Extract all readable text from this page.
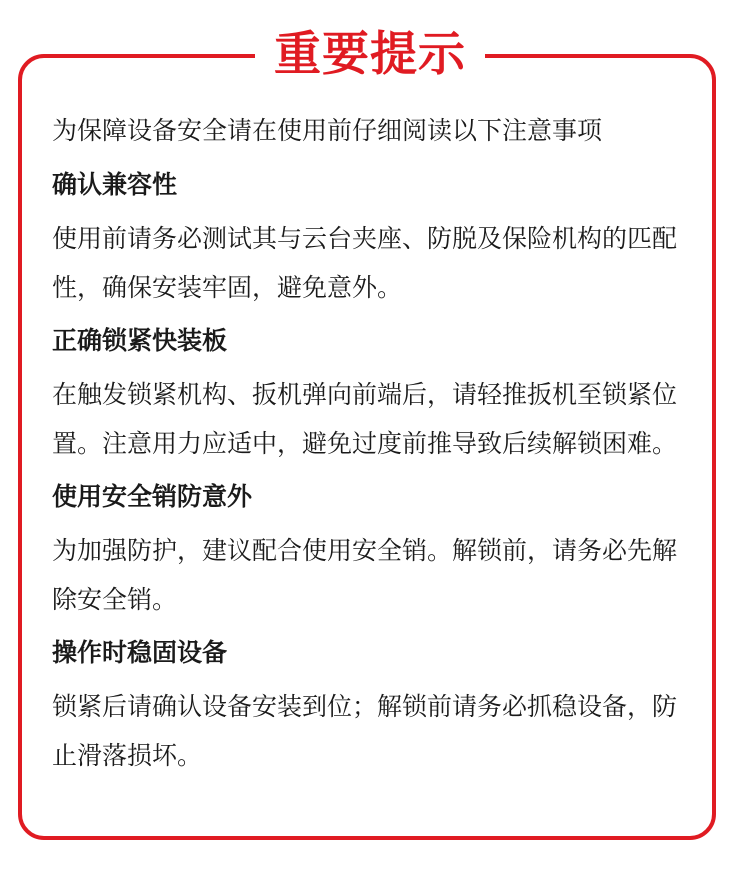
重要提示

为保障设备安全请在使用前仔细阅读以下注意事项

确认兼容性

使用前请务必测试其与云台夹座、防脱及保险机构的匹配性，确保安装牢固，避免意外。

正确锁紧快装板

在触发锁紧机构、扳机弹向前端后，请轻推扳机至锁紧位置。注意用力应适中，避免过度前推导致后续解锁困难。

使用安全销防意外

为加强防护，建议配合使用安全销。解锁前，请务必先解除安全销。

操作时稳固设备

锁紧后请确认设备安装到位；解锁前请务必抓稳设备，防止滑落损坏。
